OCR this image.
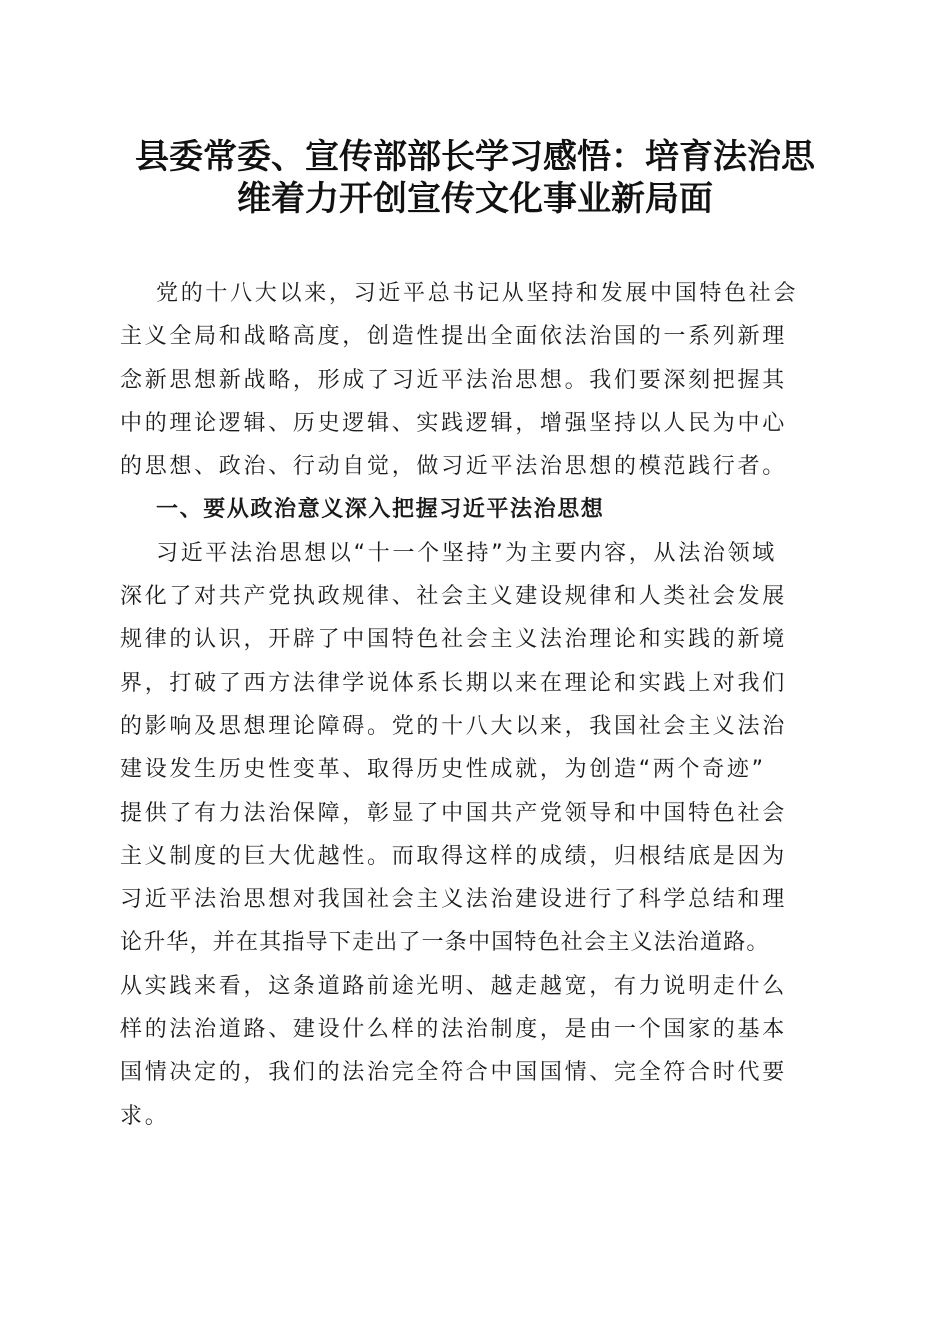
县委常委、宣传部部长学习感悟：培育法治思
维着力开创宣传文化事业新局面
党的十八大以来，习近平总书记从坚持和发展中国特色社会
主义全局和战略高度，创造性提出全面依法治国的一系列新理
念新思想新战略，形成了习近平法治思想。我们要深刻把握其
中的理论逻辑、历史逻辑、实践逻辑，增强坚持以人民为中心
的思想、政治、行动自觉，做习近平法治思想的模范践行者。
一、要从政治意义深入把握习近平法治思想
习近平法治思想以“十一个坚持”为主要内容，从法治领域
深化了对共产党执政规律、社会主义建设规律和人类社会发展
规律的认识，开辟了中国特色社会主义法治理论和实践的新境
界，打破了西方法律学说体系长期以来在理论和实践上对我们
的影响及思想理论障碍。党的十八大以来，我国社会主义法治
建设发生历史性变革、取得历史性成就，为创造“两个奇迹”
提供了有力法治保障，彰显了中国共产党领导和中国特色社会
主义制度的巨大优越性。而取得这样的成绩，归根结底是因为
习近平法治思想对我国社会主义法治建设进行了科学总结和理
论升华，并在其指导下走出了一条中国特色社会主义法治道路。
从实践来看，这条道路前途光明、越走越宽，有力说明走什么
样的法治道路、建设什么样的法治制度，是由一个国家的基本
国情决定的，我们的法治完全符合中国国情、完全符合时代要
求。
